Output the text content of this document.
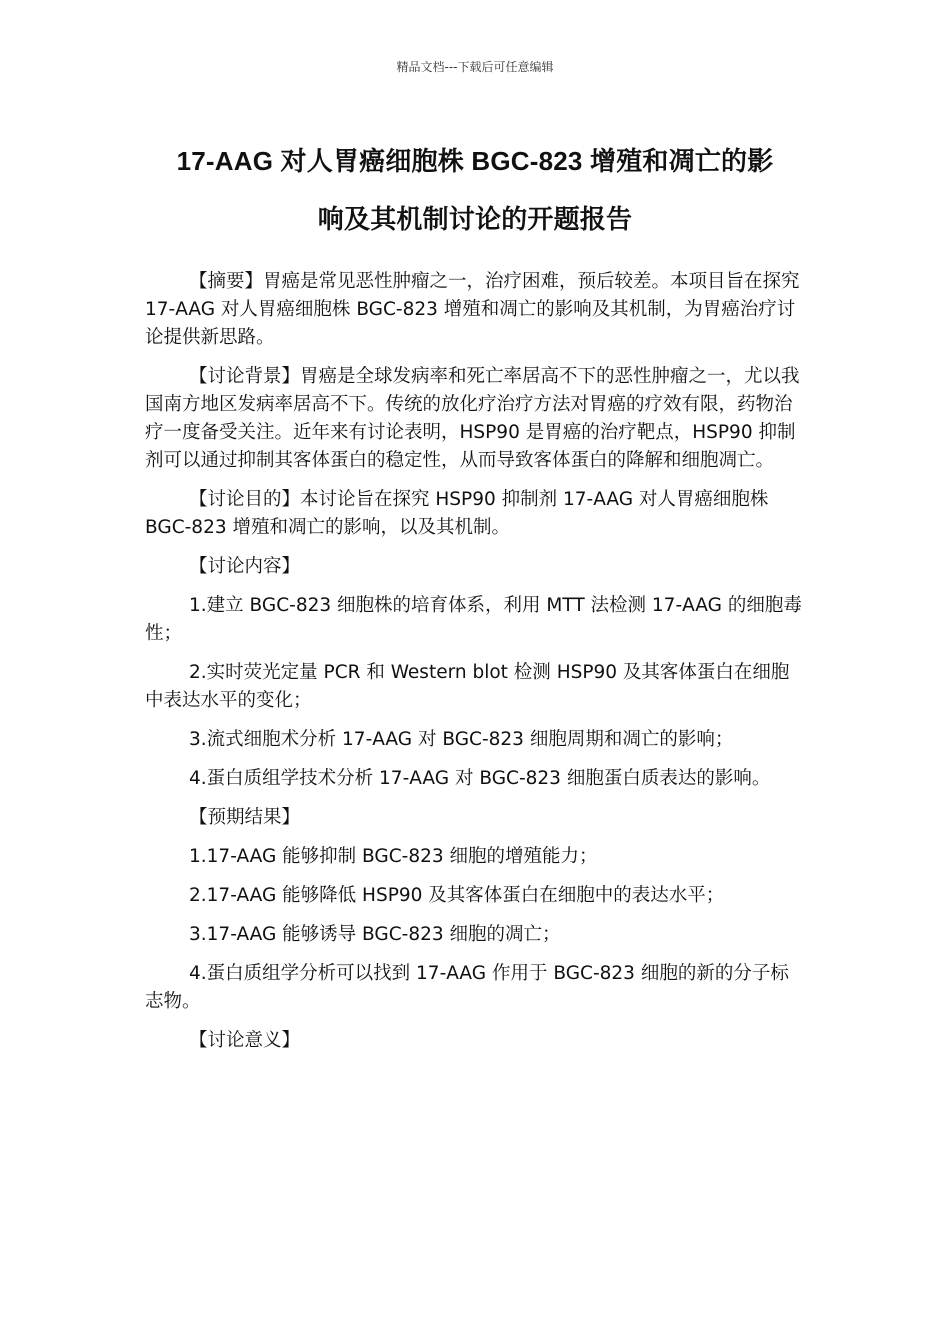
精品文档---下载后可任意编辑
17-AAG 对人胃癌细胞株 BGC-823 增殖和凋亡的影
响及其机制讨论的开题报告

【摘要】胃癌是常见恶性肿瘤之一，治疗困难，预后较差。本项目旨在探究 17-AAG 对人胃癌细胞株 BGC-823 增殖和凋亡的影响及其机制，为胃癌治疗讨论提供新思路。

【讨论背景】胃癌是全球发病率和死亡率居高不下的恶性肿瘤之一，尤以我国南方地区发病率居高不下。传统的放化疗治疗方法对胃癌的疗效有限，药物治疗一度备受关注。近年来有讨论表明，HSP90 是胃癌的治疗靶点，HSP90 抑制剂可以通过抑制其客体蛋白的稳定性，从而导致客体蛋白的降解和细胞凋亡。

【讨论目的】本讨论旨在探究 HSP90 抑制剂 17-AAG 对人胃癌细胞株 BGC-823 增殖和凋亡的影响，以及其机制。

【讨论内容】

1.建立 BGC-823 细胞株的培育体系，利用 MTT 法检测 17-AAG 的细胞毒性；

2.实时荧光定量 PCR 和 Western blot 检测 HSP90 及其客体蛋白在细胞中表达水平的变化；

3.流式细胞术分析 17-AAG 对 BGC-823 细胞周期和凋亡的影响；

4.蛋白质组学技术分析 17-AAG 对 BGC-823 细胞蛋白质表达的影响。

【预期结果】

1.17-AAG 能够抑制 BGC-823 细胞的增殖能力；

2.17-AAG 能够降低 HSP90 及其客体蛋白在细胞中的表达水平；

3.17-AAG 能够诱导 BGC-823 细胞的凋亡；

4.蛋白质组学分析可以找到 17-AAG 作用于 BGC-823 细胞的新的分子标志物。

【讨论意义】
